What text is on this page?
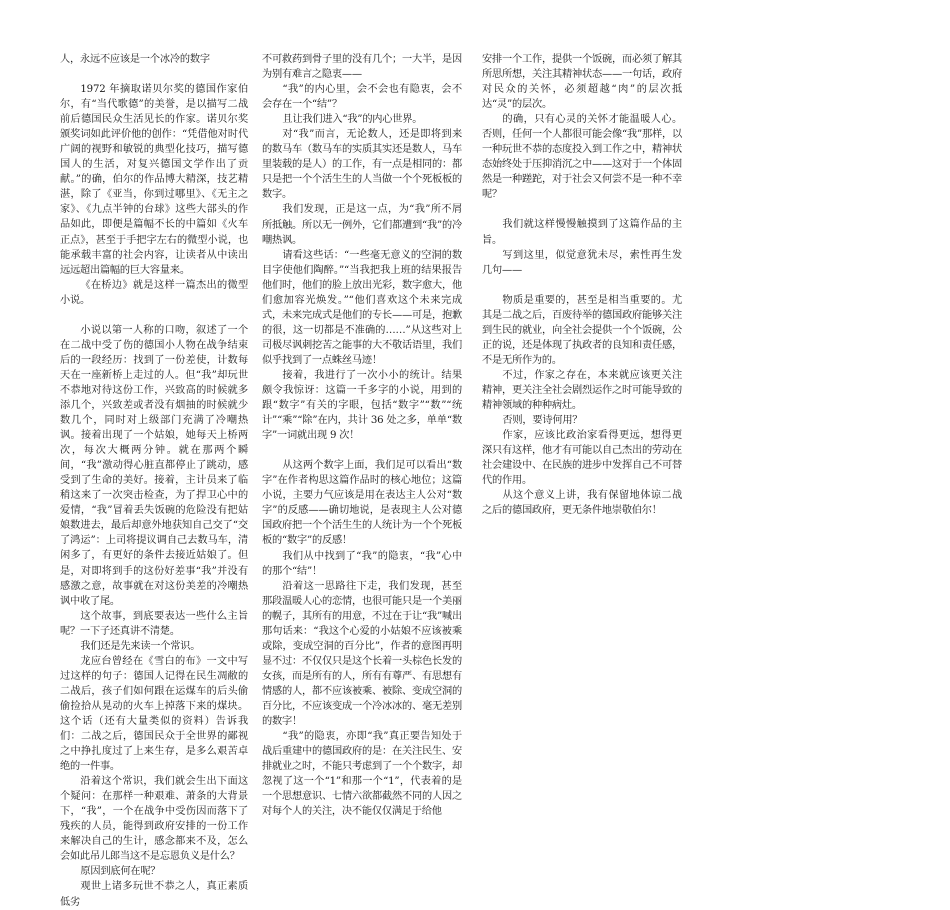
人，永远不应该是一个冰冷的数字

1972 年摘取诺贝尔奖的德国作家伯尔，有“当代歌德”的美誉，是以描写二战前后德国民众生活见长的作家。诺贝尔奖颁奖词如此评价他的创作：“凭借他对时代广阔的视野和敏锐的典型化技巧，描写德国人的生活，对复兴德国文学作出了贡献。”的确，伯尔的作品博大精深，技艺精湛，除了《亚当，你到过哪里》、《无主之家》、《九点半钟的台球》这些大部头的作品如此，即便是篇幅不长的中篇如《火车正点》，甚至于手把字左右的微型小说，也能承载丰富的社会内容，让读者从中读出远远超出篇幅的巨大容量来。

《在桥边》就是这样一篇杰出的微型小说。

小说以第一人称的口吻，叙述了一个在二战中受了伤的德国小人物在战争结束后的一段经历：找到了一份差使，计数每天在一座新桥上走过的人。但“我”却玩世不恭地对待这份工作，兴致高的时候就多添几个，兴致差或者没有烟抽的时候就少数几个，同时对上级部门充满了冷嘲热讽。接着出现了一个姑娘，她每天上桥两次，每次大概两分钟。就在那两个瞬间，“我”激动得心脏直都停止了跳动，感受到了生命的美好。接着，主计员来了临稍这来了一次突击检查，为了捍卫心中的爱情，“我”冒着丢失饭碗的危险没有把姑娘数进去，最后却意外地获知自己交了“交了鸿运”：上司将提议调自己去数马车，清闲多了，有更好的条件去接近姑娘了。但是，对即将到手的这份好差事“我”并没有感激之意，故事就在对这份美差的冷嘲热讽中收了尾。

这个故事，到底要表达一些什么主旨呢？一下子还真讲不清楚。

我们还是先来读一个常识。

龙应台曾经在《雪白的布》一文中写过这样的句子：德国人记得在民生凋敝的二战后，孩子们如何跟在运煤车的后头偷偷捡拾从晃动的火车上掉落下来的煤块。这个话（还有大量类似的资料）告诉我们：二战之后，德国民众于全世界的鄙视之中挣扎度过了上来生存，是多么艰苦卓绝的一件事。

沿着这个常识，我们就会生出下面这个疑问：在那样一种艰难、萧条的大背景下，“我”，一个在战争中受伤因而落下了残疾的人员，能得到政府安排的一份工作来解决自己的生计，感念都来不及，怎么会如此吊儿郎当这不是忘恩负义是什么？

原因到底何在呢？

观世上诸多玩世不恭之人，真正素质低劣

不可救药到骨子里的没有几个；一大半，是因为别有难言之隐衷——

“我”的内心里，会不会也有隐衷，会不会存在一个“结”？

且让我们进入“我”的内心世界。

对“我”而言，无论数人，还是即将到来的数马车（数马车的实质其实还是数人，马车里装载的是人）的工作，有一点是相同的：都只是把一个个活生生的人当做一个个死板板的数字。

我们发现，正是这一点，为“我”所不屑所抵触。所以无一例外，它们都遭到“我”的冷嘲热讽。

请看这些话：“一些毫无意义的空洞的数目字使他们陶醉。”“当我把我上班的结果报告他们时，他们的脸上放出光彩，数字愈大，他们愈加容光焕发。”“他们喜欢这个未来完成式，未来完成式是他们的专长——可是，抱歉的很，这一切都是不准确的……”从这些对上司极尽讽刺挖苦之能事的大不敬话语里，我们似乎找到了一点蛛丝马迹！

接着，我进行了一次小小的统计。结果颇令我惊讶：这篇一千多字的小说，用到的跟“数字”有关的字眼，包括“数字”“数”“统计”“乘”“除”在内，共计 36 处之多，单单“数字”一词就出现 9 次！

从这两个数字上面，我们足可以看出“数字”在作者构思这篇作品时的核心地位；这篇小说，主要力气应该是用在表达主人公对“数字”的反感——确切地说，是表现主人公对德国政府把一个个活生生的人统计为一个个死板板的“数字”的反感！

我们从中找到了“我”的隐衷，“我”心中的那个“结”！

沿着这一思路往下走，我们发现，甚至那段温暖人心的恋情，也很可能只是一个美丽的幌子，其所有的用意，不过在于让“我”喊出那句话来：“我这个心爱的小姑娘不应该被乘或除，变成空洞的百分比”，作者的意图再明显不过：不仅仅只是这个长着一头棕色长发的女孩，而是所有的人，所有有尊严、有思想有情感的人，都不应该被乘、被除、变成空洞的百分比，不应该变成一个冷冰冰的、毫无差别的数字！

“我”的隐衷，亦即“我”真正要告知处于战后重建中的德国政府的是：在关注民生、安排就业之时，不能只考虑到了一个个数字，却忽视了这一个“1”和那一个“1”，代表着的是一个思想意识、七情六欲都截然不同的人因之对每个人的关注，决不能仅仅满足于给他

安排一个工作，提供一个饭碗，而必须了解其所思所想，关注其精神状态——一句话，政府对民众的关怀，必须超越“肉”的层次抵达“灵”的层次。

的确，只有心灵的关怀才能温暖人心。否则，任何一个人都很可能会像“我”那样，以一种玩世不恭的态度投入到工作之中，精神状态始终处于压抑消沉之中——这对于一个体固然是一种蹉跎，对于社会又何尝不是一种不幸呢？

我们就这样慢慢触摸到了这篇作品的主旨。

写到这里，似觉意犹未尽，索性再生发几句——

物质是重要的，甚至是相当重要的。尤其是二战之后，百废待举的德国政府能够关注到生民的就业，向全社会提供一个个饭碗，公正的说，还是体现了执政者的良知和责任感，不是无所作为的。

不过，作家之存在，本来就应该更关注精神，更关注全社会剧烈运作之时可能导致的精神领域的种种病灶。

否则，要诗何用？

作家，应该比政治家看得更远，想得更深只有这样，他才有可能以自己杰出的劳动在社会建设中、在民族的进步中发挥自己不可替代的作用。

从这个意义上讲，我有保留地体谅二战之后的德国政府，更无条件地崇敬伯尔！
